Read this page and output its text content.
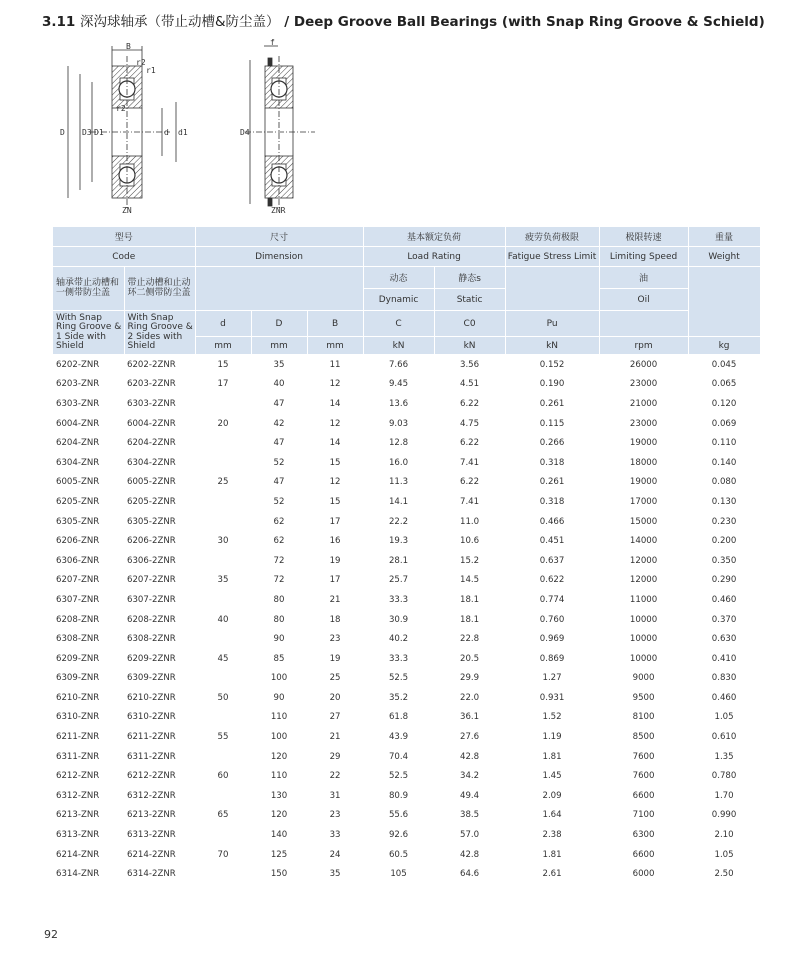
3.11 深沟球轴承（带止动槽&防尘盖） / Deep Groove Ball Bearings (with Snap Ring Groove & Schield)
B
r2
r1
r2
D D3 D1	d d1
f
D4
ZN	ZNR
型号		尺寸			基本额定负荷		疲劳负荷极限	极限转速	重量
Code		Dimension			Load Rating		Fatigue Stress Limit	Limiting Speed	Weight
轴承带止动槽和一侧带防尘盖	带止动槽和止动环二侧带防尘盖				动态	静态s		油	
					Dynamic	Static		Oil	
With Snap Ring Groove & 1 Side with Shield	With Snap Ring Groove & 2 Sides with Shield	d	D	B	C	C0	Pu		
		mm	mm	mm	kN	kN	kN	rpm	kg
6202-ZNR	6202-2ZNR	15	35	11	7.66	3.56	0.152	26000	0.045
6203-ZNR	6203-2ZNR	17	40	12	9.45	4.51	0.190	23000	0.065
6303-ZNR	6303-2ZNR		47	14	13.6	6.22	0.261	21000	0.120
6004-ZNR	6004-2ZNR	20	42	12	9.03	4.75	0.115	23000	0.069
6204-ZNR	6204-2ZNR		47	14	12.8	6.22	0.266	19000	0.110
6304-ZNR	6304-2ZNR		52	15	16.0	7.41	0.318	18000	0.140
6005-ZNR	6005-2ZNR	25	47	12	11.3	6.22	0.261	19000	0.080
6205-ZNR	6205-2ZNR		52	15	14.1	7.41	0.318	17000	0.130
6305-ZNR	6305-2ZNR		62	17	22.2	11.0	0.466	15000	0.230
6206-ZNR	6206-2ZNR	30	62	16	19.3	10.6	0.451	14000	0.200
6306-ZNR	6306-2ZNR		72	19	28.1	15.2	0.637	12000	0.350
6207-ZNR	6207-2ZNR	35	72	17	25.7	14.5	0.622	12000	0.290
6307-ZNR	6307-2ZNR		80	21	33.3	18.1	0.774	11000	0.460
6208-ZNR	6208-2ZNR	40	80	18	30.9	18.1	0.760	10000	0.370
6308-ZNR	6308-2ZNR		90	23	40.2	22.8	0.969	10000	0.630
6209-ZNR	6209-2ZNR	45	85	19	33.3	20.5	0.869	10000	0.410
6309-ZNR	6309-2ZNR		100	25	52.5	29.9	1.27	9000	0.830
6210-ZNR	6210-2ZNR	50	90	20	35.2	22.0	0.931	9500	0.460
6310-ZNR	6310-2ZNR		110	27	61.8	36.1	1.52	8100	1.05
6211-ZNR	6211-2ZNR	55	100	21	43.9	27.6	1.19	8500	0.610
6311-ZNR	6311-2ZNR		120	29	70.4	42.8	1.81	7600	1.35
6212-ZNR	6212-2ZNR	60	110	22	52.5	34.2	1.45	7600	0.780
6312-ZNR	6312-2ZNR		130	31	80.9	49.4	2.09	6600	1.70
6213-ZNR	6213-2ZNR	65	120	23	55.6	38.5	1.64	7100	0.990
6313-ZNR	6313-2ZNR		140	33	92.6	57.0	2.38	6300	2.10
6214-ZNR	6214-2ZNR	70	125	24	60.5	42.8	1.81	6600	1.05
6314-ZNR	6314-2ZNR		150	35	105	64.6	2.61	6000	2.50
92
